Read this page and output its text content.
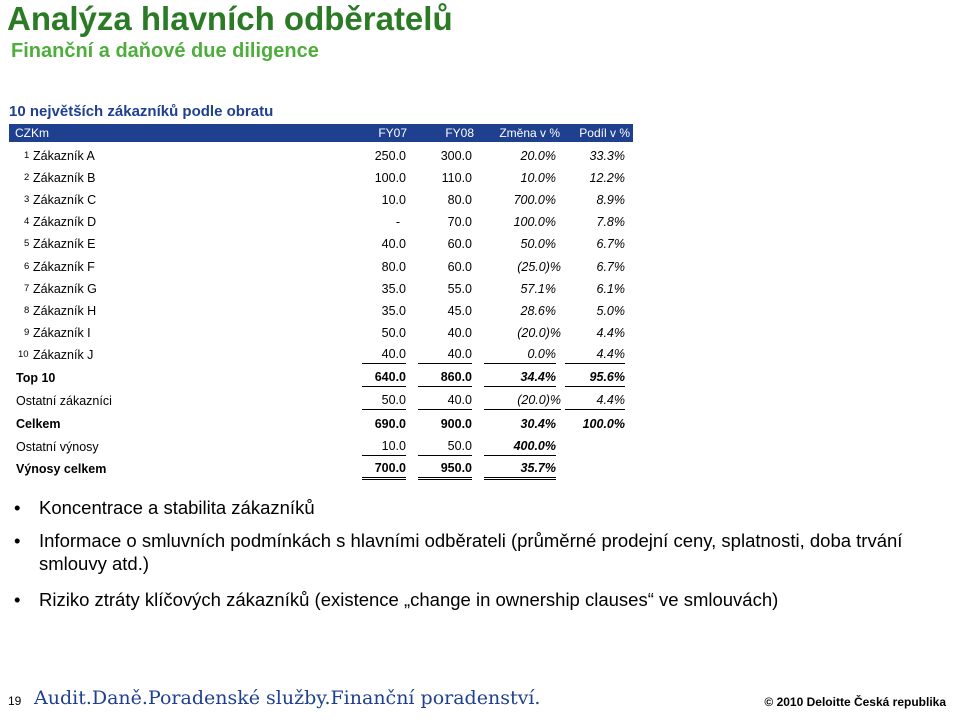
Analýza hlavních odběratelů
Finanční a daňové due diligence
10 největších zákazníků podle obratu
CZKm	FY07	FY08	Změna v %	Podíl v %
1 Zákazník A	250.0	300.0	20.0%	33.3%
2 Zákazník B	100.0	110.0	10.0%	12.2%
3 Zákazník C	10.0	80.0	700.0%	8.9%
4 Zákazník D	-	70.0	100.0%	7.8%
5 Zákazník E	40.0	60.0	50.0%	6.7%
6 Zákazník F	80.0	60.0	(25.0)%	6.7%
7 Zákazník G	35.0	55.0	57.1%	6.1%
8 Zákazník H	35.0	45.0	28.6%	5.0%
9 Zákazník I	50.0	40.0	(20.0)%	4.4%
10 Zákazník J	40.0	40.0	0.0%	4.4%
Top 10	640.0	860.0	34.4%	95.6%
Ostatní zákazníci	50.0	40.0	(20.0)%	4.4%
Celkem	690.0	900.0	30.4%	100.0%
Ostatní výnosy	10.0	50.0	400.0%
Výnosy celkem	700.0	950.0	35.7%
• Koncentrace a stabilita zákazníků
• Informace o smluvních podmínkách s hlavními odběrateli (průměrné prodejní ceny, splatnosti, doba trvání smlouvy atd.)
• Riziko ztráty klíčových zákazníků (existence „change in ownership clauses“ ve smlouvách)
19 Audit.Daně.Poradenské služby.Finanční poradenství.	© 2010 Deloitte Česká republika
